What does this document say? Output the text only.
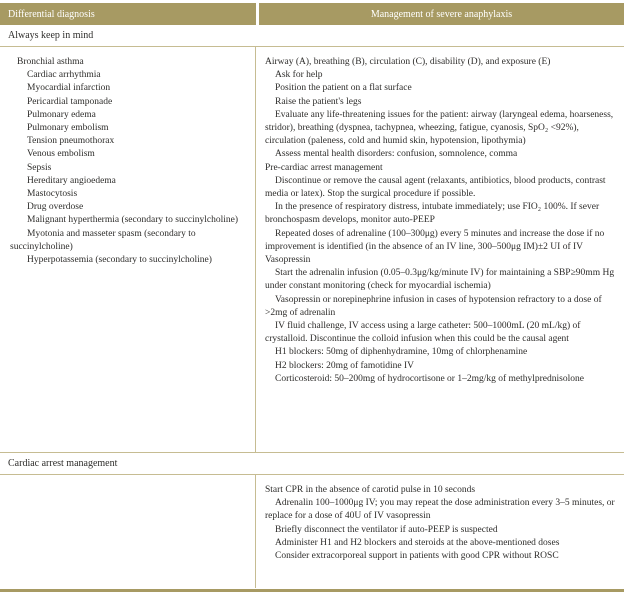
Differential diagnosis	Management of severe anaphylaxis
Always keep in mind

Bronchial asthma

Cardiac arrhythmia

Myocardial infarction

Pericardial tamponade

Pulmonary edema

Pulmonary embolism

Tension pneumothorax

Venous embolism

Sepsis

Hereditary angioedema

Mastocytosis

Drug overdose

Malignant hyperthermia (secondary to succinylcholine)

Myotonia and masseter spasm (secondary to succinylcholine)

Hyperpotassemia (secondary to succinylcholine)

Airway (A), breathing (B), circulation (C), disability (D), and exposure (E)

Ask for help

Position the patient on a flat surface

Raise the patient's legs

Evaluate any life-threatening issues for the patient: airway (laryngeal edema, hoarseness, stridor), breathing (dyspnea, tachypnea, wheezing, fatigue, cyanosis, SpO₂ <92%), circulation (paleness, cold and humid skin, hypotension, lipothymia)

Assess mental health disorders: confusion, somnolence, comma

Pre-cardiac arrest management

Discontinue or remove the causal agent (relaxants, antibiotics, blood products, contrast media or latex). Stop the surgical procedure if possible.

In the presence of respiratory distress, intubate immediately; use FIO₂ 100%. If sever bronchospasm develops, monitor auto-PEEP

Repeated doses of adrenaline (100–300μg) every 5 minutes and increase the dose if no improvement is identified (in the absence of an IV line, 300–500μg IM)±2 UI of IV Vasopressin

Start the adrenalin infusion (0.05–0.3μg/kg/minute IV) for maintaining a SBP≥90mm Hg under constant monitoring (check for myocardial ischemia)

Vasopressin or norepinephrine infusion in cases of hypotension refractory to a dose of >2mg of adrenalin

IV fluid challenge, IV access using a large catheter: 500–1000mL (20 mL/kg) of crystalloid. Discontinue the colloid infusion when this could be the causal agent

H1 blockers: 50mg of diphenhydramine, 10mg of chlorphenamine

H2 blockers: 20mg of famotidine IV

Corticosteroid: 50–200mg of hydrocortisone or 1–2mg/kg of methylprednisolone

Cardiac arrest management

Start CPR in the absence of carotid pulse in 10 seconds

Adrenalin 100–1000μg IV; you may repeat the dose administration every 3–5 minutes, or replace for a dose of 40U of IV vasopressin

Briefly disconnect the ventilator if auto-PEEP is suspected

Administer H1 and H2 blockers and steroids at the above-mentioned doses

Consider extracorporeal support in patients with good CPR without ROSC
